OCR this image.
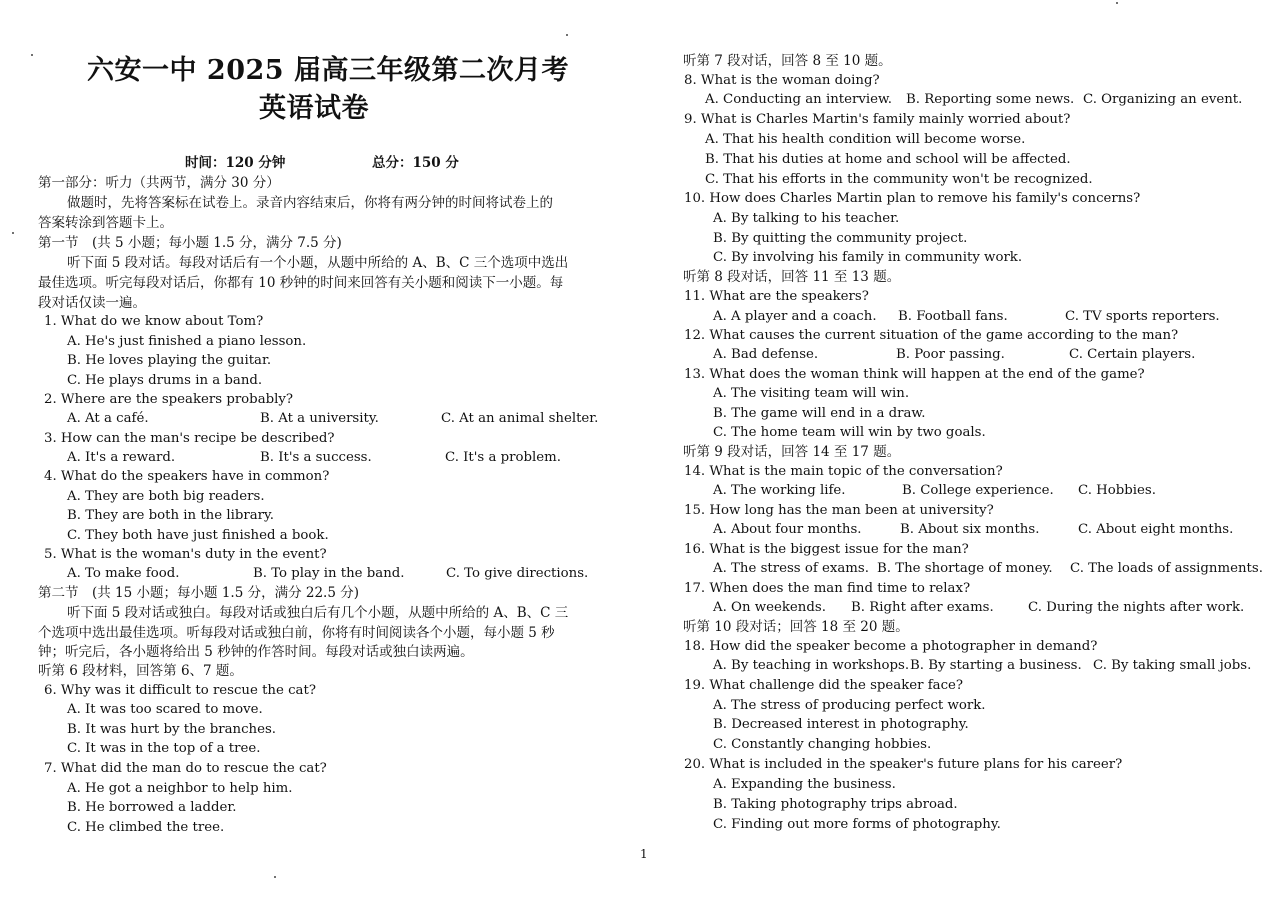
六安一中 2025 届高三年级第二次月考
英语试卷
时间：120 分钟	总分：150 分
第一部分：听力（共两节，满分 30 分）
做题时，先将答案标在试卷上。录音内容结束后，你将有两分钟的时间将试卷上的
答案转涂到答题卡上。
第一节　(共 5 小题；每小题 1.5 分，满分 7.5 分)
听下面 5 段对话。每段对话后有一个小题，从题中所给的 A、B、C 三个选项中选出
最佳选项。听完每段对话后，你都有 10 秒钟的时间来回答有关小题和阅读下一小题。每
段对话仅读一遍。
1. What do we know about Tom?
A. He's just finished a piano lesson.
B. He loves playing the guitar.
C. He plays drums in a band.
2. Where are the speakers probably?
A. At a café.	B. At a university.	C. At an animal shelter.
3. How can the man's recipe be described?
A. It's a reward.	B. It's a success.	C. It's a problem.
4. What do the speakers have in common?
A. They are both big readers.
B. They are both in the library.
C. They both have just finished a book.
5. What is the woman's duty in the event?
A. To make food.	B. To play in the band.	C. To give directions.
第二节　(共 15 小题；每小题 1.5 分，满分 22.5 分)
听下面 5 段对话或独白。每段对话或独白后有几个小题，从题中所给的 A、B、C 三
个选项中选出最佳选项。听每段对话或独白前，你将有时间阅读各个小题，每小题 5 秒
钟；听完后，各小题将给出 5 秒钟的作答时间。每段对话或独白读两遍。
听第 6 段材料，回答第 6、7 题。
6. Why was it difficult to rescue the cat?
A. It was too scared to move.
B. It was hurt by the branches.
C. It was in the top of a tree.
7. What did the man do to rescue the cat?
A. He got a neighbor to help him.
B. He borrowed a ladder.
C. He climbed the tree.
听第 7 段对话，回答 8 至 10 题。
8. What is the woman doing?
A. Conducting an interview. B. Reporting some news. C. Organizing an event.
9. What is Charles Martin's family mainly worried about?
A. That his health condition will become worse.
B. That his duties at home and school will be affected.
C. That his efforts in the community won't be recognized.
10. How does Charles Martin plan to remove his family's concerns?
A. By talking to his teacher.
B. By quitting the community project.
C. By involving his family in community work.
听第 8 段对话，回答 11 至 13 题。
11. What are the speakers?
A. A player and a coach. B. Football fans.	C. TV sports reporters.
12. What causes the current situation of the game according to the man?
A. Bad defense.	B. Poor passing.	C. Certain players.
13. What does the woman think will happen at the end of the game?
A. The visiting team will win.
B. The game will end in a draw.
C. The home team will win by two goals.
听第 9 段对话，回答 14 至 17 题。
14. What is the main topic of the conversation?
A. The working life.	B. College experience. C. Hobbies.
15. How long has the man been at university?
A. About four months.	B. About six months.	C. About eight months.
16. What is the biggest issue for the man?
A. The stress of exams. B. The shortage of money. C. The loads of assignments.
17. When does the man find time to relax?
A. On weekends. B. Right after exams.	C. During the nights after work.
听第 10 段对话；回答 18 至 20 题。
18. How did the speaker become a photographer in demand?
A. By teaching in workshops. B. By starting a business. C. By taking small jobs.
19. What challenge did the speaker face?
A. The stress of producing perfect work.
B. Decreased interest in photography.
C. Constantly changing hobbies.
20. What is included in the speaker's future plans for his career?
A. Expanding the business.
B. Taking photography trips abroad.
C. Finding out more forms of photography.
1
